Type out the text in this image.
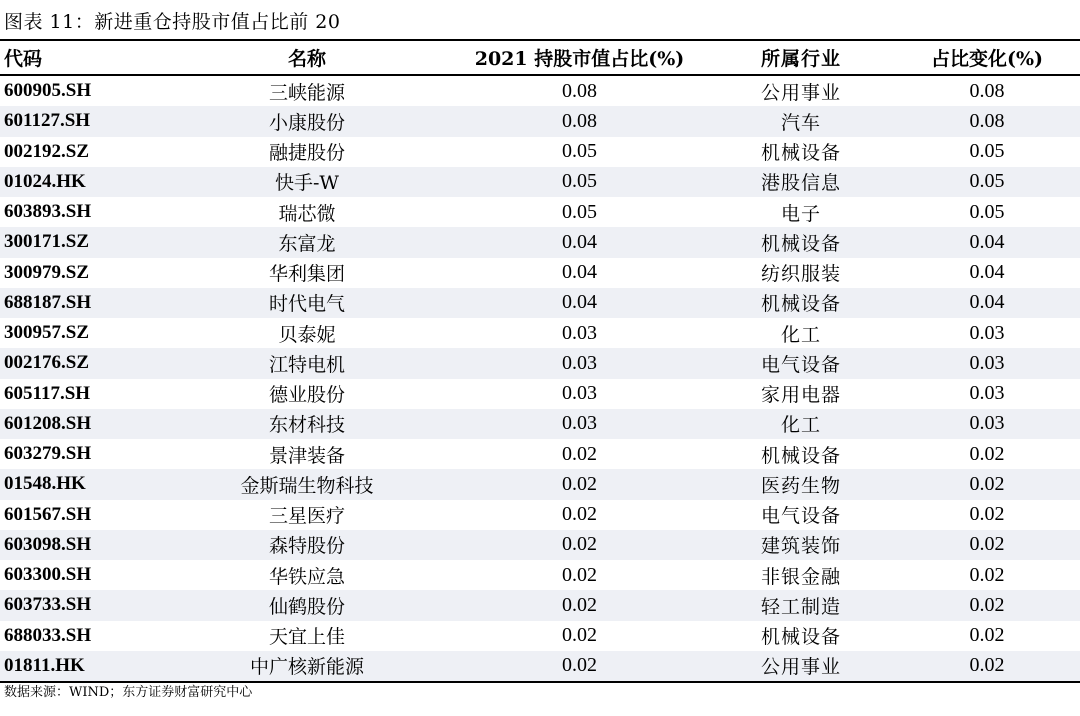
图表 11：新进重仓持股市值占比前 20
代码	名称	2021 持股市值占比(%)	所属行业	占比变化(%)
600905.SH	三峡能源	0.08	公用事业	0.08
601127.SH	小康股份	0.08	汽车	0.08
002192.SZ	融捷股份	0.05	机械设备	0.05
01024.HK	快手-W	0.05	港股信息	0.05
603893.SH	瑞芯微	0.05	电子	0.05
300171.SZ	东富龙	0.04	机械设备	0.04
300979.SZ	华利集团	0.04	纺织服装	0.04
688187.SH	时代电气	0.04	机械设备	0.04
300957.SZ	贝泰妮	0.03	化工	0.03
002176.SZ	江特电机	0.03	电气设备	0.03
605117.SH	德业股份	0.03	家用电器	0.03
601208.SH	东材科技	0.03	化工	0.03
603279.SH	景津装备	0.02	机械设备	0.02
01548.HK	金斯瑞生物科技	0.02	医药生物	0.02
601567.SH	三星医疗	0.02	电气设备	0.02
603098.SH	森特股份	0.02	建筑装饰	0.02
603300.SH	华铁应急	0.02	非银金融	0.02
603733.SH	仙鹤股份	0.02	轻工制造	0.02
688033.SH	天宜上佳	0.02	机械设备	0.02
01811.HK	中广核新能源	0.02	公用事业	0.02
数据来源：WIND；东方证券财富研究中心
